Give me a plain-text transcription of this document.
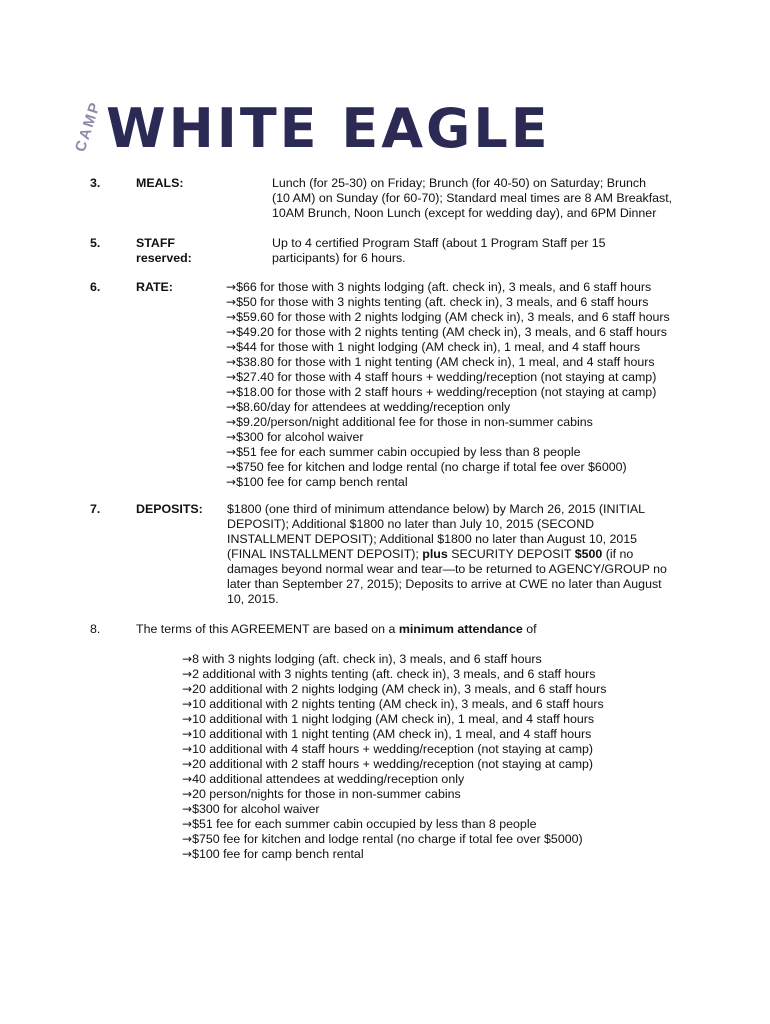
CAMP WHITE EAGLE
3.	MEALS:	Lunch (for 25-30) on Friday; Brunch (for 40-50) on Saturday; Brunch
(10 AM) on Sunday (for 60-70); Standard meal times are 8 AM Breakfast,
10AM Brunch, Noon Lunch (except for wedding day), and 6PM Dinner
5.	STAFF reserved:
Up to 4 certified Program Staff (about 1 Program Staff per 15
participants) for 6 hours.
6.	RATE:	→$66 for those with 3 nights lodging (aft. check in), 3 meals, and 6 staff hours
→$50 for those with 3 nights tenting (aft. check in), 3 meals, and 6 staff hours
→$59.60 for those with 2 nights lodging (AM check in), 3 meals, and 6 staff hours
→$49.20 for those with 2 nights tenting (AM check in), 3 meals, and 6 staff hours
→$44 for those with 1 night lodging (AM check in), 1 meal, and 4 staff hours
→$38.80 for those with 1 night tenting (AM check in), 1 meal, and 4 staff hours
→$27.40 for those with 4 staff hours + wedding/reception (not staying at camp)
→$18.00 for those with 2 staff hours + wedding/reception (not staying at camp)
→$8.60/day for attendees at wedding/reception only
→$9.20/person/night additional fee for those in non-summer cabins
→$300 for alcohol waiver
→$51 fee for each summer cabin occupied by less than 8 people
→$750 fee for kitchen and lodge rental (no charge if total fee over $6000)
→$100 fee for camp bench rental
7.	DEPOSITS: $1800 (one third of minimum attendance below) by March 26, 2015 (INITIAL
DEPOSIT); Additional $1800 no later than July 10, 2015 (SECOND
INSTALLMENT DEPOSIT); Additional $1800 no later than August 10, 2015
(FINAL INSTALLMENT DEPOSIT); plus SECURITY DEPOSIT $500 (if no
damages beyond normal wear and tear—to be returned to AGENCY/GROUP no
later than September 27, 2015); Deposits to arrive at CWE no later than August
10, 2015.
8.	The terms of this AGREEMENT are based on a minimum attendance of
→8 with 3 nights lodging (aft. check in), 3 meals, and 6 staff hours
→2 additional with 3 nights tenting (aft. check in), 3 meals, and 6 staff hours
→20 additional with 2 nights lodging (AM check in), 3 meals, and 6 staff hours
→10 additional with 2 nights tenting (AM check in), 3 meals, and 6 staff hours
→10 additional with 1 night lodging (AM check in), 1 meal, and 4 staff hours
→10 additional with 1 night tenting (AM check in), 1 meal, and 4 staff hours
→10 additional with 4 staff hours + wedding/reception (not staying at camp)
→20 additional with 2 staff hours + wedding/reception (not staying at camp)
→40 additional attendees at wedding/reception only
→20 person/nights for those in non-summer cabins
→$300 for alcohol waiver
→$51 fee for each summer cabin occupied by less than 8 people
→$750 fee for kitchen and lodge rental (no charge if total fee over $5000)
→$100 fee for camp bench rental
